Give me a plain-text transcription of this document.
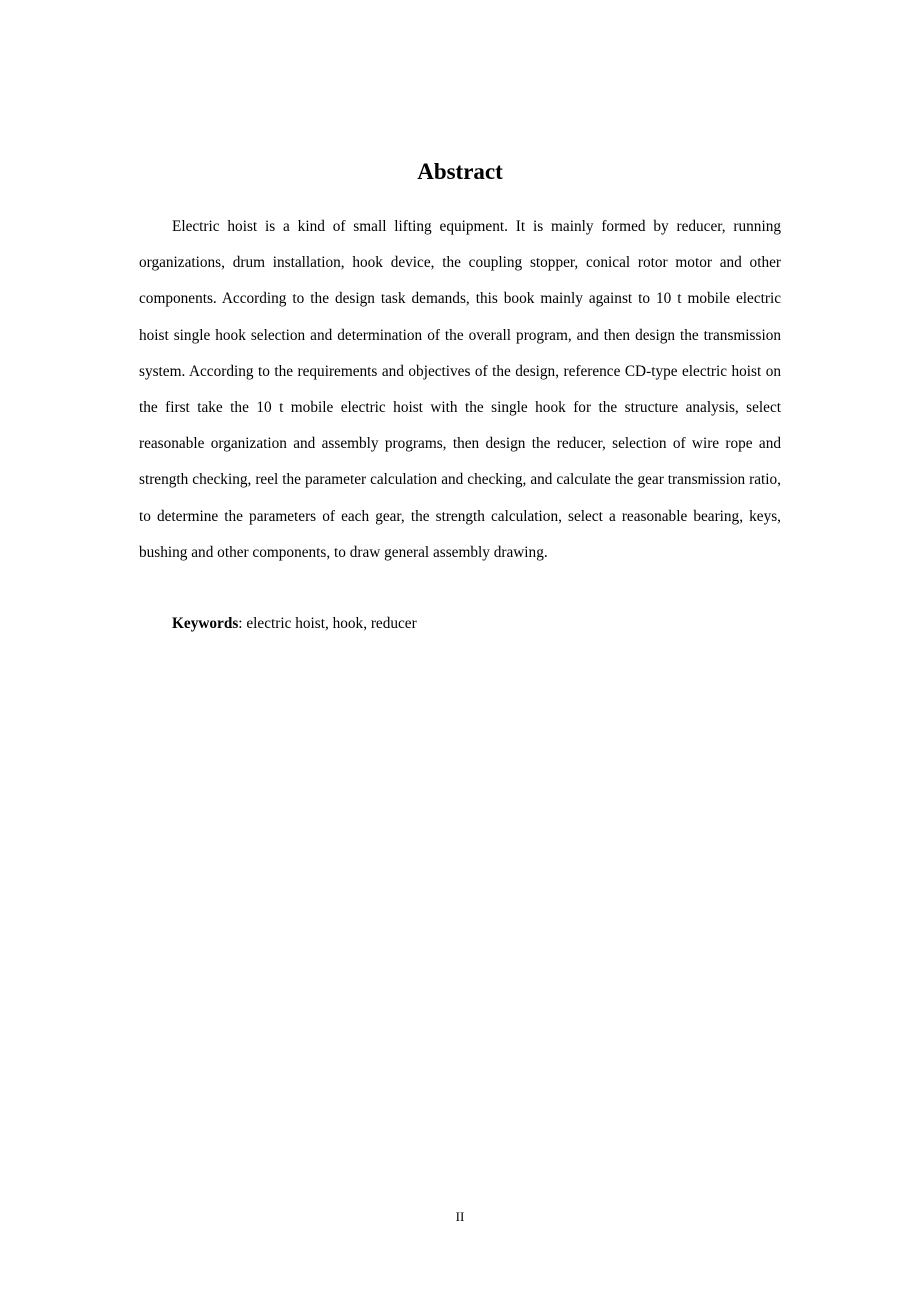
Abstract

Electric hoist is a kind of small lifting equipment. It is mainly formed by reducer, running organizations, drum installation, hook device, the coupling stopper, conical rotor motor and other components. According to the design task demands, this book mainly against to 10 t mobile electric hoist single hook selection and determination of the overall program, and then design the transmission system. According to the requirements and objectives of the design, reference CD-type electric hoist on the first take the 10 t mobile electric hoist with the single hook for the structure analysis, select reasonable organization and assembly programs, then design the reducer, selection of wire rope and strength checking, reel the parameter calculation and checking, and calculate the gear transmission ratio, to determine the parameters of each gear, the strength calculation, select a reasonable bearing, keys, bushing and other components, to draw general assembly drawing.

Keywords: electric hoist, hook, reducer

II
